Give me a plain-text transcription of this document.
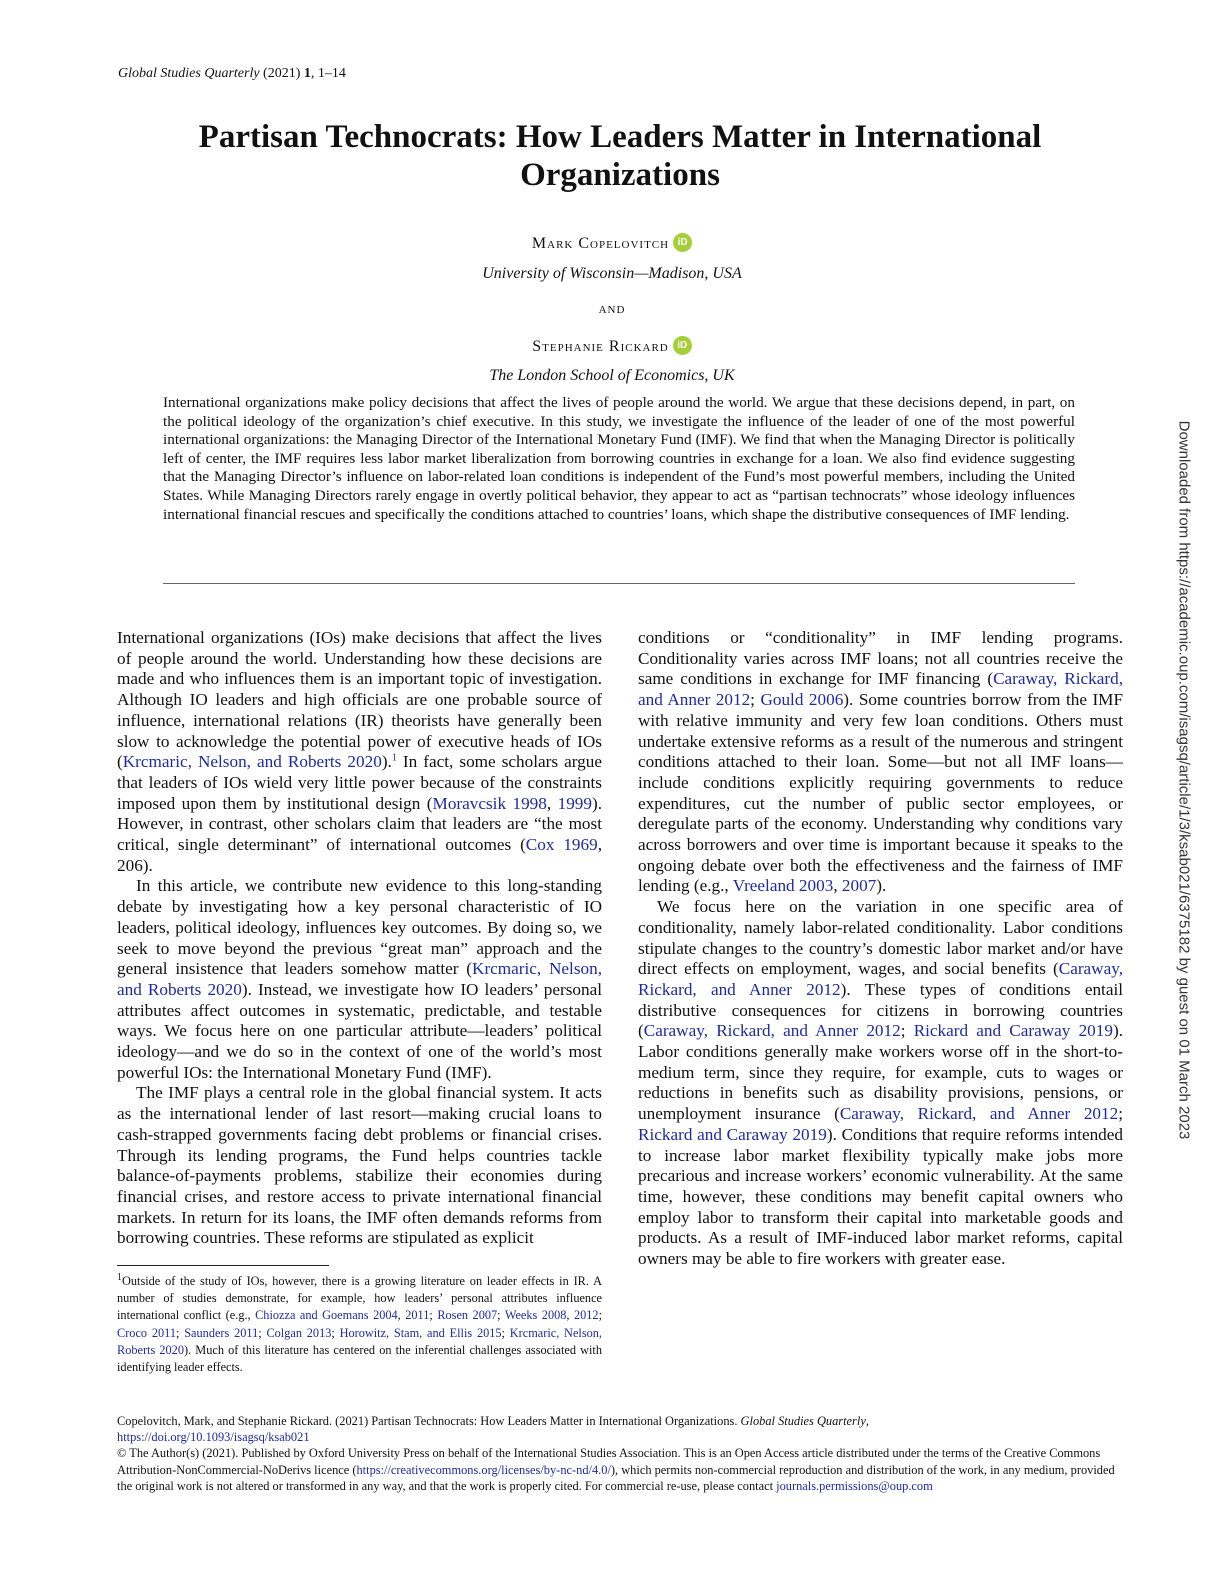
Global Studies Quarterly (2021) 1, 1–14
Partisan Technocrats: How Leaders Matter in International Organizations
Mark Copelovitch iD
University of Wisconsin—Madison, USA
AND
Stephanie Rickard iD
The London School of Economics, UK

International organizations make policy decisions that affect the lives of people around the world. We argue that these decisions depend, in part, on the political ideology of the organization’s chief executive. In this study, we investigate the influence of the leader of one of the most powerful international organizations: the Managing Director of the International Monetary Fund (IMF). We find that when the Managing Director is politically left of center, the IMF requires less labor market liberalization from borrowing countries in exchange for a loan. We also find evidence suggesting that the Managing Director’s influence on labor-related loan conditions is independent of the Fund’s most powerful members, including the United States. While Managing Directors rarely engage in overtly political behavior, they appear to act as “partisan technocrats” whose ideology influences international financial rescues and specifically the conditions attached to countries’ loans, which shape the distributive consequences of IMF lending.

International organizations (IOs) make decisions that affect the lives of people around the world. Understanding how these decisions are made and who influences them is an important topic of investigation. Although IO leaders and high officials are one probable source of influence, international relations (IR) theorists have generally been slow to acknowledge the potential power of executive heads of IOs (Krcmaric, Nelson, and Roberts 2020).$^1$ In fact, some scholars argue that leaders of IOs wield very little power because of the constraints imposed upon them by institutional design (Moravcsik 1998, 1999). However, in contrast, other scholars claim that leaders are “the most critical, single determinant” of international outcomes (Cox 1969, 206).

In this article, we contribute new evidence to this long-standing debate by investigating how a key personal characteristic of IO leaders, political ideology, influences key outcomes. By doing so, we seek to move beyond the previous “great man” approach and the general insistence that leaders somehow matter (Krcmaric, Nelson, and Roberts 2020). Instead, we investigate how IO leaders’ personal attributes affect outcomes in systematic, predictable, and testable ways. We focus here on one particular attribute—leaders’ political ideology—and we do so in the context of one of the world’s most powerful IOs: the International Monetary Fund (IMF).

The IMF plays a central role in the global financial system. It acts as the international lender of last resort—making crucial loans to cash-strapped governments facing debt problems or financial crises. Through its lending programs, the Fund helps countries tackle balance-of-payments problems, stabilize their economies during financial crises, and restore access to private international financial markets. In return for its loans, the IMF often demands reforms from borrowing countries. These reforms are stipulated as explicit

conditions or “conditionality” in IMF lending programs. Conditionality varies across IMF loans; not all countries receive the same conditions in exchange for IMF financing (Caraway, Rickard, and Anner 2012; Gould 2006). Some countries borrow from the IMF with relative immunity and very few loan conditions. Others must undertake extensive reforms as a result of the numerous and stringent conditions attached to their loan. Some—but not all IMF loans—include conditions explicitly requiring governments to reduce expenditures, cut the number of public sector employees, or deregulate parts of the economy. Understanding why conditions vary across borrowers and over time is important because it speaks to the ongoing debate over both the effectiveness and the fairness of IMF lending (e.g., Vreeland 2003, 2007).

We focus here on the variation in one specific area of conditionality, namely labor-related conditionality. Labor conditions stipulate changes to the country’s domestic labor market and/or have direct effects on employment, wages, and social benefits (Caraway, Rickard, and Anner 2012). These types of conditions entail distributive consequences for citizens in borrowing countries (Caraway, Rickard, and Anner 2012; Rickard and Caraway 2019). Labor conditions generally make workers worse off in the short-to-medium term, since they require, for example, cuts to wages or reductions in benefits such as disability provisions, pensions, or unemployment insurance (Caraway, Rickard, and Anner 2012; Rickard and Caraway 2019). Conditions that require reforms intended to increase labor market flexibility typically make jobs more precarious and increase workers’ economic vulnerability. At the same time, however, these conditions may benefit capital owners who employ labor to transform their capital into marketable goods and products. As a result of IMF-induced labor market reforms, capital owners may be able to fire workers with greater ease.

$^1$Outside of the study of IOs, however, there is a growing literature on leader effects in IR. A number of studies demonstrate, for example, how leaders’ personal attributes influence international conflict (e.g., Chiozza and Goemans 2004, 2011; Rosen 2007; Weeks 2008, 2012; Croco 2011; Saunders 2011; Colgan 2013; Horowitz, Stam, and Ellis 2015; Krcmaric, Nelson, Roberts 2020). Much of this literature has centered on the inferential challenges associated with identifying leader effects.

Copelovitch, Mark, and Stephanie Rickard. (2021) Partisan Technocrats: How Leaders Matter in International Organizations. Global Studies Quarterly,
https://doi.org/10.1093/isagsq/ksab021
© The Author(s) (2021). Published by Oxford University Press on behalf of the International Studies Association. This is an Open Access article distributed under the terms of the Creative Commons Attribution-NonCommercial-NoDerivs licence (https://creativecommons.org/licenses/by-nc-nd/4.0/), which permits non-commercial reproduction and distribution of the work, in any medium, provided the original work is not altered or transformed in any way, and that the work is properly cited. For commercial re-use, please contact journals.permissions@oup.com

Downloaded from https://academic.oup.com/isagsq/article/1/3/ksab021/6375182 by guest on 01 March 2023
